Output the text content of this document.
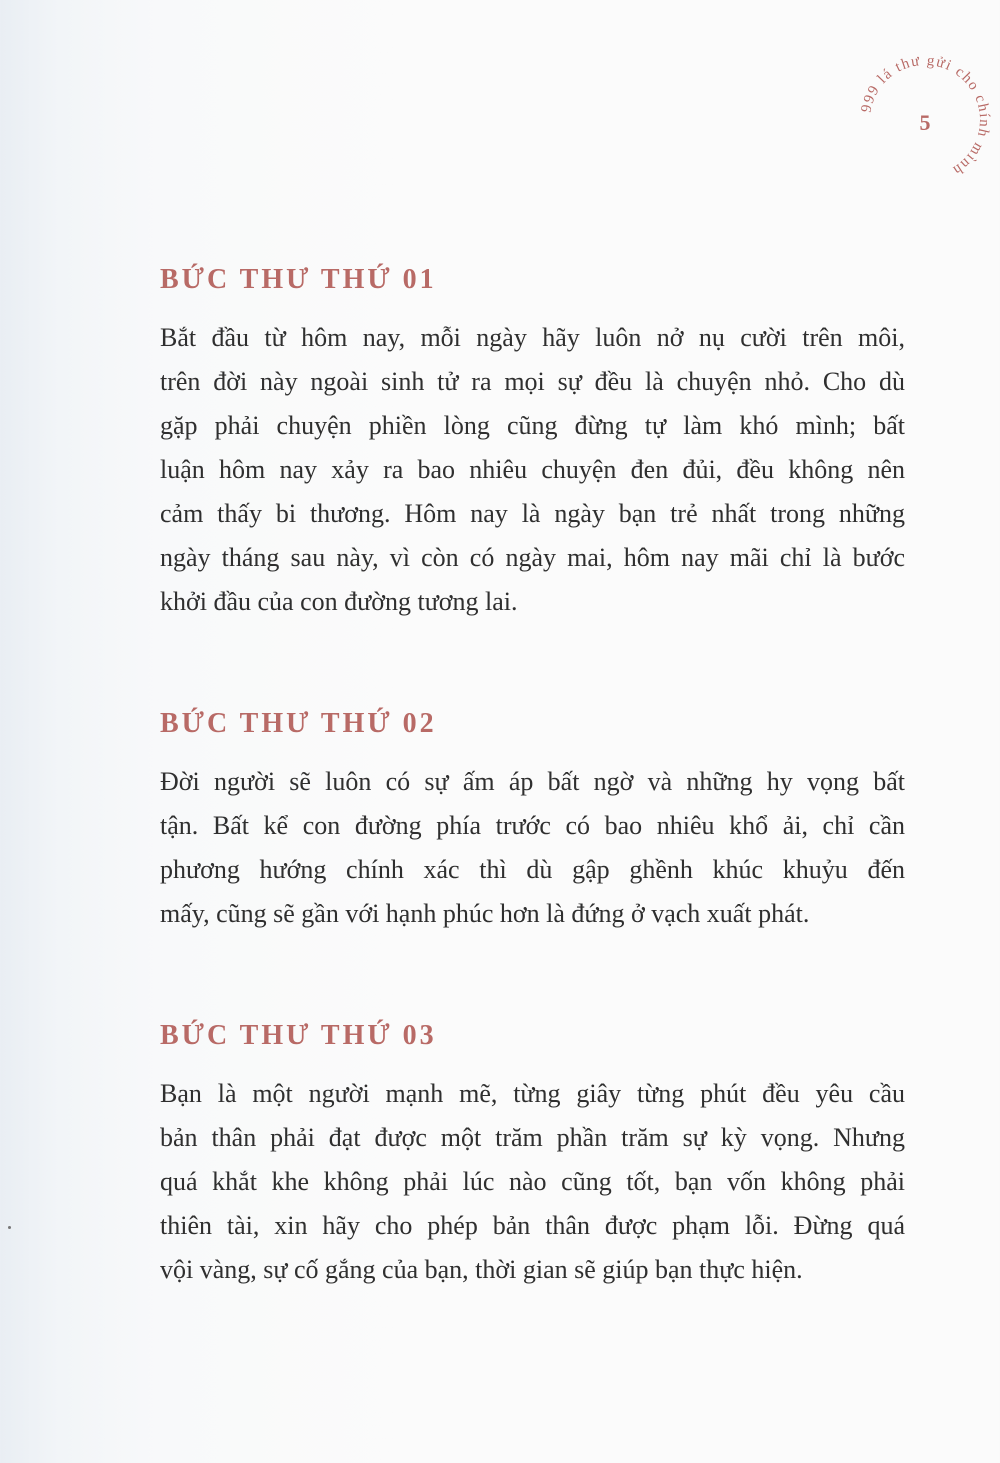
999 lá thư gửi cho chính mình
5
BỨC THƯ THỨ 01

Bắt đầu từ hôm nay, mỗi ngày hãy luôn nở nụ cười trên môi,
trên đời này ngoài sinh tử ra mọi sự đều là chuyện nhỏ. Cho dù
gặp phải chuyện phiền lòng cũng đừng tự làm khó mình; bất
luận hôm nay xảy ra bao nhiêu chuyện đen đủi, đều không nên
cảm thấy bi thương. Hôm nay là ngày bạn trẻ nhất trong những
ngày tháng sau này, vì còn có ngày mai, hôm nay mãi chỉ là bước
khởi đầu của con đường tương lai.

BỨC THƯ THỨ 02

Đời người sẽ luôn có sự ấm áp bất ngờ và những hy vọng bất
tận. Bất kể con đường phía trước có bao nhiêu khổ ải, chỉ cần
phương hướng chính xác thì dù gập ghềnh khúc khuỷu đến
mấy, cũng sẽ gần với hạnh phúc hơn là đứng ở vạch xuất phát.

BỨC THƯ THỨ 03

Bạn là một người mạnh mẽ, từng giây từng phút đều yêu cầu
bản thân phải đạt được một trăm phần trăm sự kỳ vọng. Nhưng
quá khắt khe không phải lúc nào cũng tốt, bạn vốn không phải
thiên tài, xin hãy cho phép bản thân được phạm lỗi. Đừng quá
vội vàng, sự cố gắng của bạn, thời gian sẽ giúp bạn thực hiện.
